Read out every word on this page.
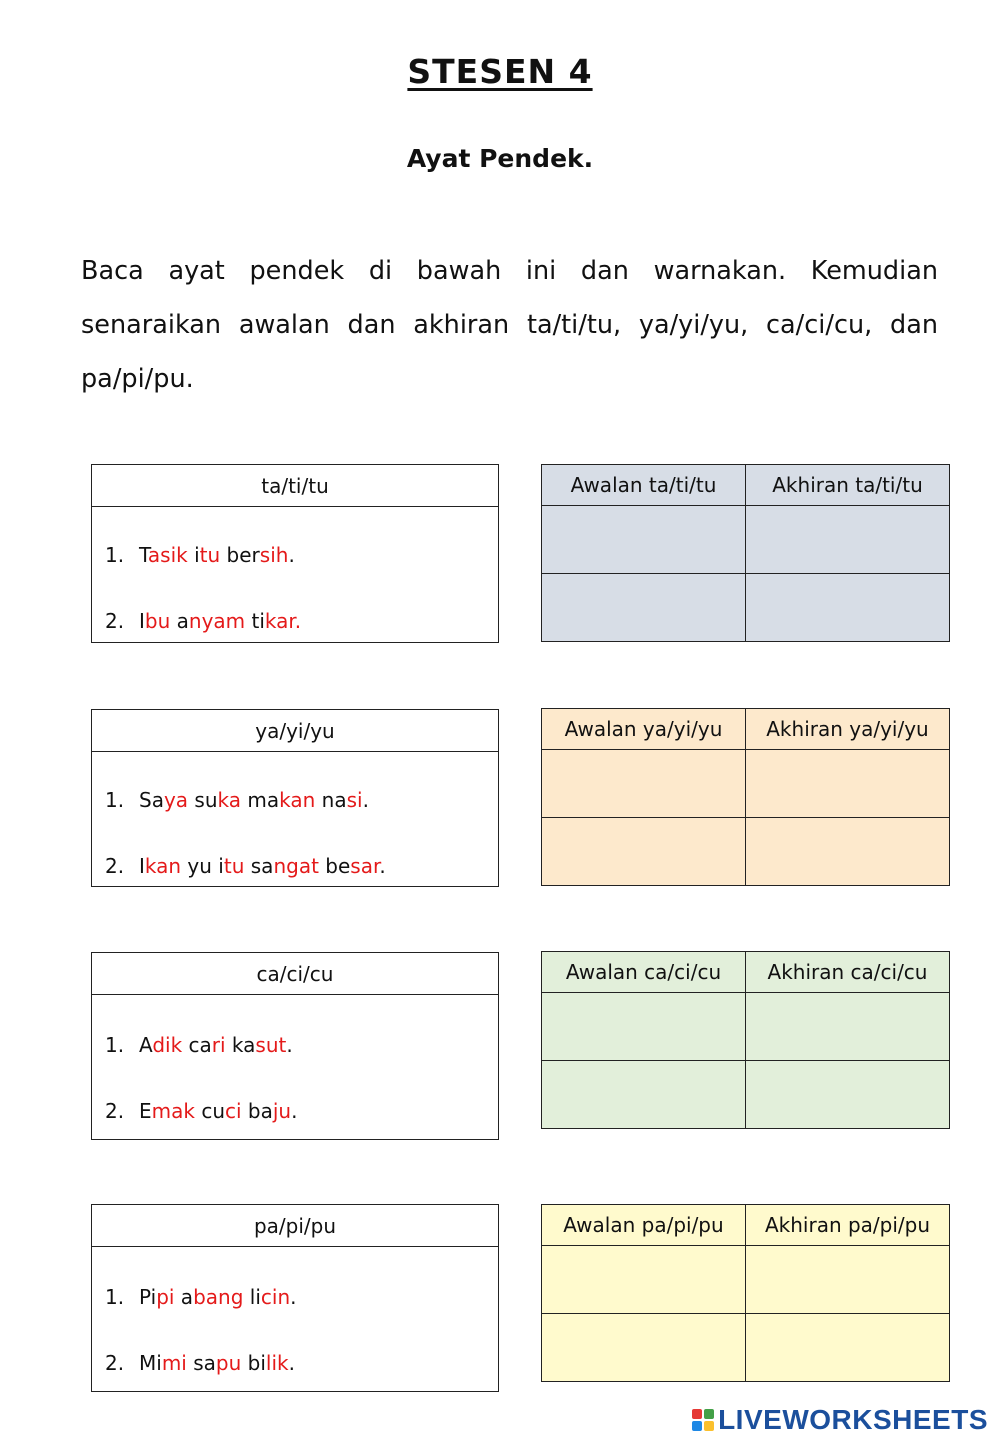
STESEN 4
Ayat Pendek.
Baca ayat pendek di bawah ini dan warnakan. Kemudian senaraikan awalan dan akhiran ta/ti/tu, ya/yi/yu, ca/ci/cu, dan pa/pi/pu.
ta/ti/tu
1. Tasik itu bersih.
2. Ibu anyam tikar.
Awalan ta/ti/tu	Akhiran ta/ti/tu

ya/yi/yu
1. Saya suka makan nasi.
2. Ikan yu itu sangat besar.
Awalan ya/yi/yu	Akhiran ya/yi/yu

ca/ci/cu
1. Adik cari kasut.
2. Emak cuci baju.
Awalan ca/ci/cu	Akhiran ca/ci/cu

pa/pi/pu
1. Pipi abang licin.
2. Mimi sapu bilik.
Awalan pa/pi/pu	Akhiran pa/pi/pu

LIVEWORKSHEETS
